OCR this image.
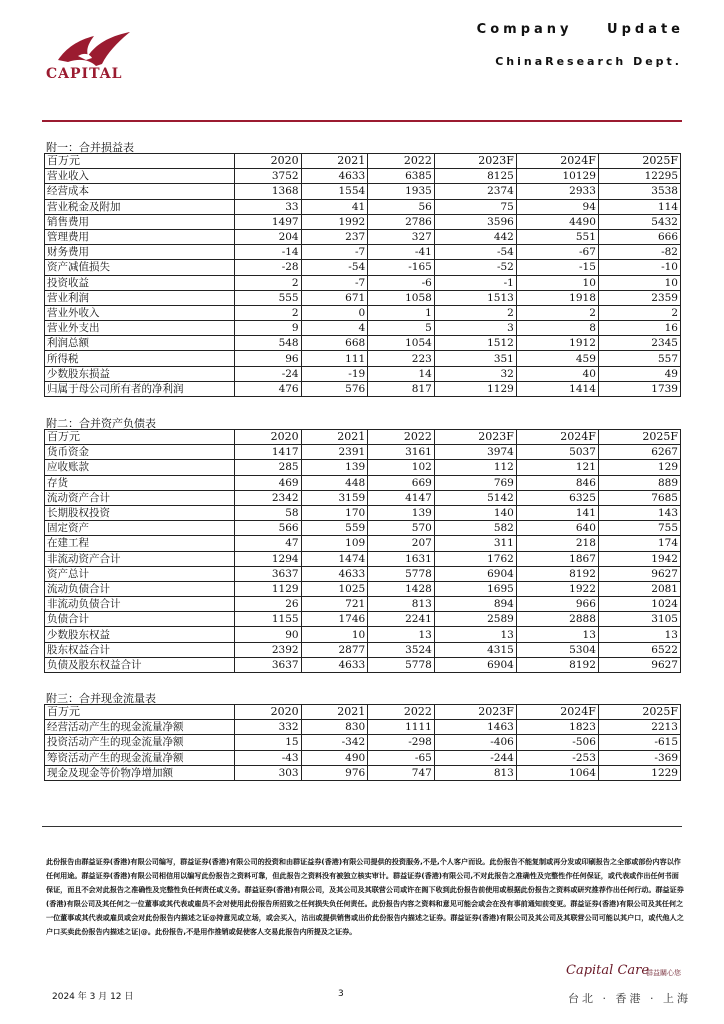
CAPITAL
Company Update
ChinaResearch Dept.
附一：合并损益表
百万元	2020	2021	2022	2023F	2024F	2025F
营业收入	3752	4633	6385	8125	10129	12295
经营成本	1368	1554	1935	2374	2933	3538
营业税金及附加	33	41	56	75	94	114
销售费用	1497	1992	2786	3596	4490	5432
管理费用	204	237	327	442	551	666
财务费用	-14	-7	-41	-54	-67	-82
资产减值损失	-28	-54	-165	-52	-15	-10
投资收益	2	-7	-6	-1	10	10
营业利润	555	671	1058	1513	1918	2359
营业外收入	2	0	1	2	2	2
营业外支出	9	4	5	3	8	16
利润总额	548	668	1054	1512	1912	2345
所得税	96	111	223	351	459	557
少数股东损益	-24	-19	14	32	40	49
归属于母公司所有者的净利润	476	576	817	1129	1414	1739
附二：合并资产负债表
百万元	2020	2021	2022	2023F	2024F	2025F
货币资金	1417	2391	3161	3974	5037	6267
应收账款	285	139	102	112	121	129
存货	469	448	669	769	846	889
流动资产合计	2342	3159	4147	5142	6325	7685
长期股权投资	58	170	139	140	141	143
固定资产	566	559	570	582	640	755
在建工程	47	109	207	311	218	174
非流动资产合计	1294	1474	1631	1762	1867	1942
资产总计	3637	4633	5778	6904	8192	9627
流动负债合计	1129	1025	1428	1695	1922	2081
非流动负债合计	26	721	813	894	966	1024
负债合计	1155	1746	2241	2589	2888	3105
少数股东权益	90	10	13	13	13	13
股东权益合计	2392	2877	3524	4315	5304	6522
负债及股东权益合计	3637	4633	5778	6904	8192	9627
附三：合并现金流量表
百万元	2020	2021	2022	2023F	2024F	2025F
经营活动产生的现金流量净额	332	830	1111	1463	1823	2213
投资活动产生的现金流量净额	15	-342	-298	-406	-506	-615
筹资活动产生的现金流量净额	-43	490	-65	-244	-253	-369
现金及现金等价物净增加额	303	976	747	813	1064	1229
此份报告由群益证券(香港)有限公司编写，群益证券(香港)有限公司的投资和由群证益券(香港)有限公司提供的投资服务,不是,个人客户而设。此份报告不能复制或再分发或印刷报告之全部或部份内容以作任何用途。群益证券(香港)有限公司相信用以编写此份报告之资料可靠，但此报告之资料没有被独立核实审计。群益证券(香港)有限公司,不对此报告之准确性及完整性作任何保证，或代表或作出任何书面保证，而且不会对此报告之准确性及完整性负任何责任或义务。群益证券(香港)有限公司，及其公司及其联营公司或许在阁下收到此份报告前使用或根据此份报告之资料或研究推荐作出任何行动。群益证券(香港)有限公司及其任何之一位董事或其代表或雇员不会对使用此份报告所招致之任何损失负任何责任。此份报告内容之资料和意见可能会或会在没有事前通知前变更。群益证券(香港)有限公司及其任何之一位董事或其代表或雇员或会对此份报告内描述之证@持意见或立场，或会买入，沽出或提供销售或出价此份报告内描述之证券。群益证券(香港)有限公司及其公司及其联营公司可能以其户口，或代他人之户口买卖此份报告内描述之证|@。此份报告,不是用作推销或促使客人交易此报告内所提及之证券。
2024 年 3 月 12 日	3
Capital Care
群益關心您
台北 · 香港 · 上海
